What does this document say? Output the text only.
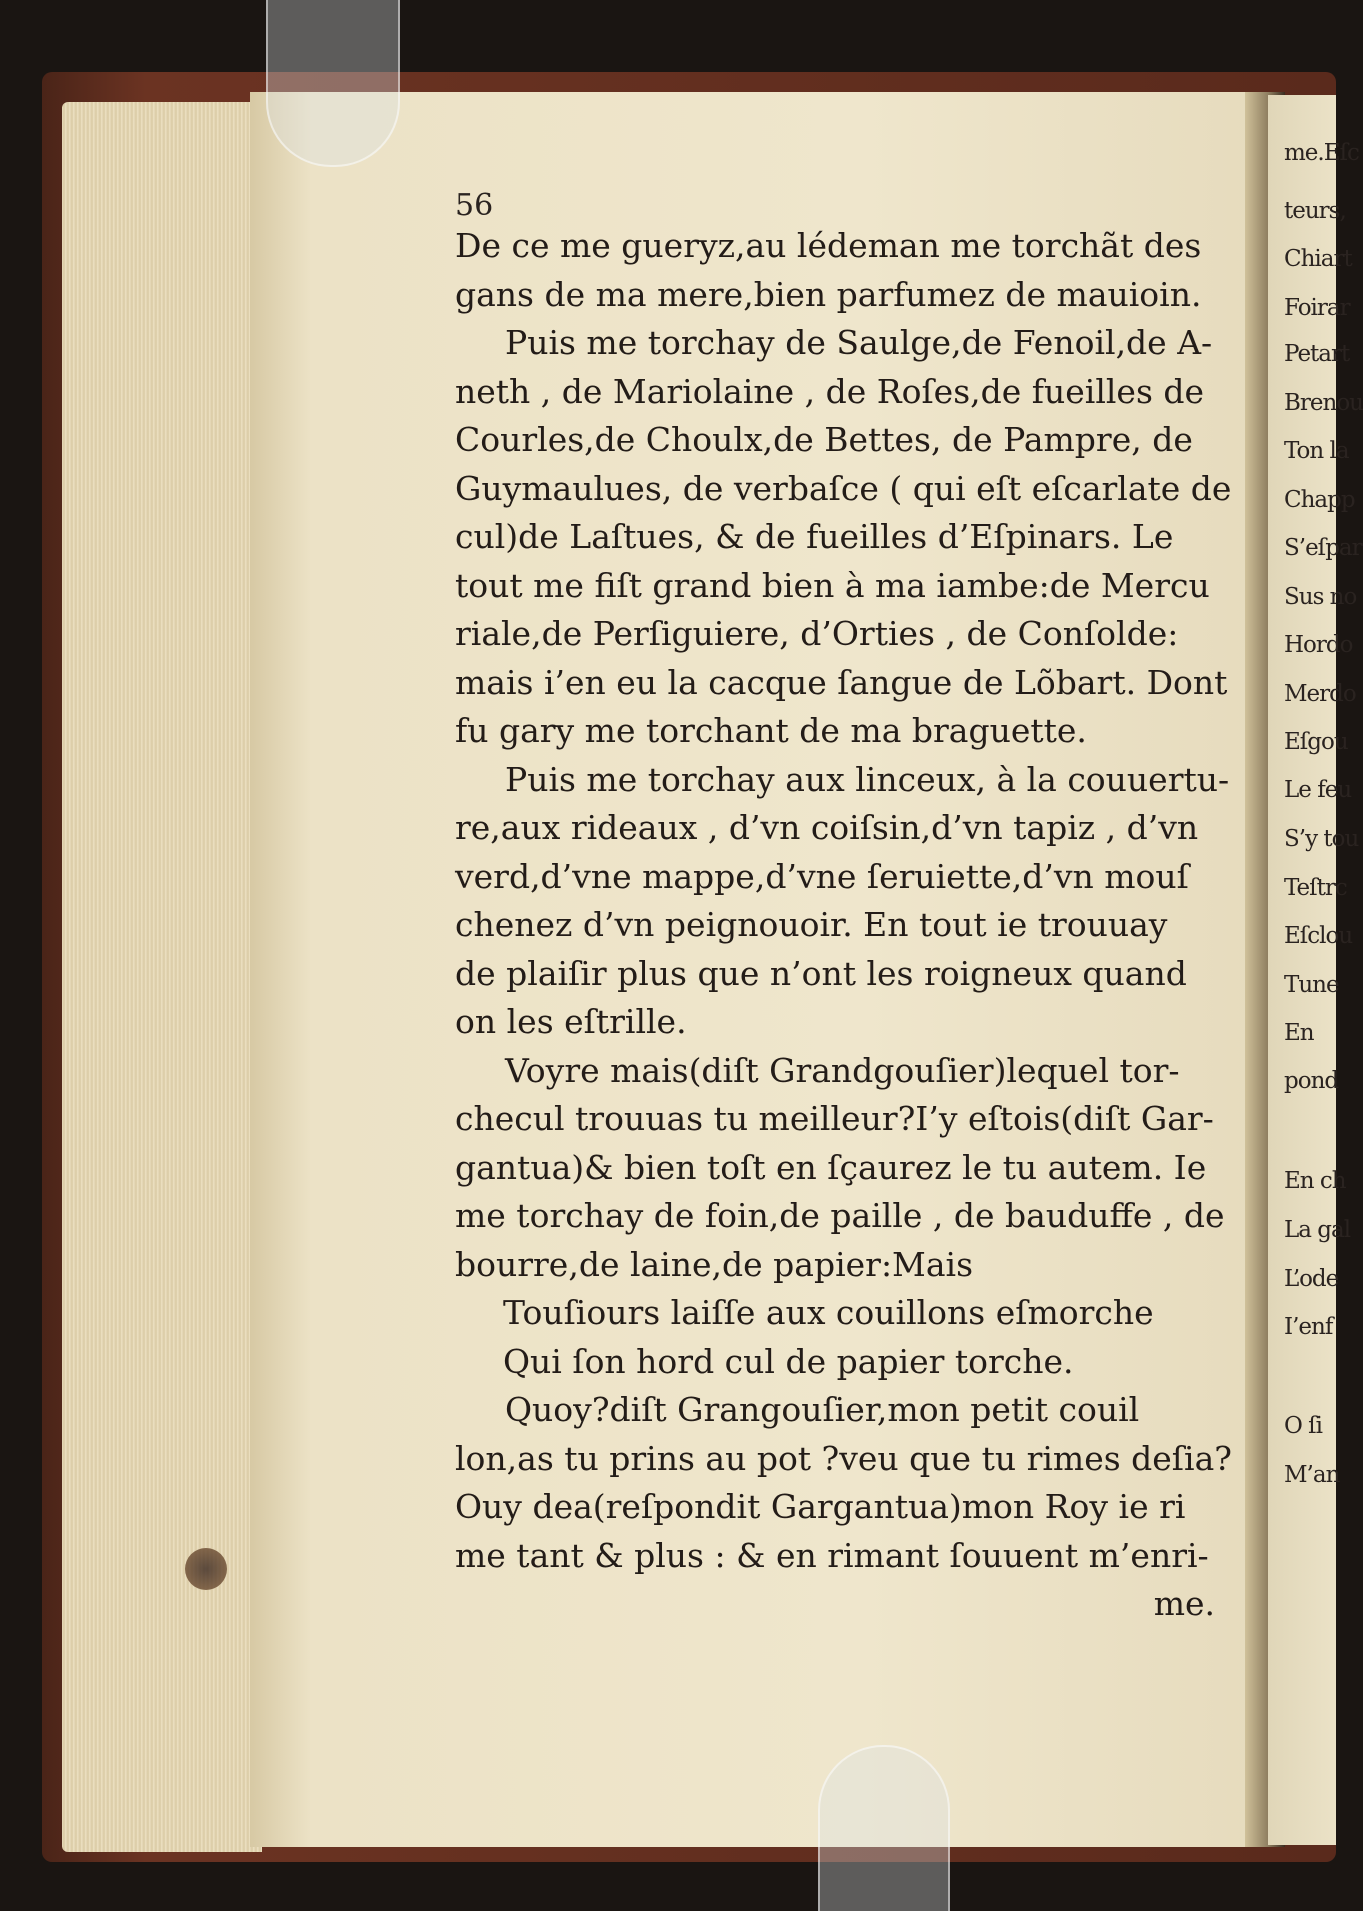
me.Eſc
teurs,
Chiart
Foirar
Petart
Brenou
Ton la
Chapp
S’eſpar
Sus no
Hordo
Merdo
Eſgou
Le feu
S’y tou
Teſtrc
Eſclou
Tune
En
pond
En ch
La gal
L’ode
I’enf
O ſi
M’an
56
De ce me gueryz,au lédeman me torchãt des
gans de ma mere,bien parfumez de mauioin.
Puis me torchay de Saulge,de Fenoil,de A-
neth , de Mariolaine , de Roſes,de fueilles de
Courles,de Choulx,de Bettes, de Pampre, de
Guymaulues, de verbaſce ( qui eſt eſcarlate de
cul)de Laſtues, & de fueilles d’Eſpinars. Le
tout me fiſt grand bien à ma iambe:de Mercu
riale,de Perſiguiere, d’Orties , de Conſolde:
mais i’en eu la cacque ſangue de Lõbart. Dont
fu gary me torchant de ma braguette.
Puis me torchay aux linceux, à la couuertu-
re,aux rideaux , d’vn coiſsin,d’vn tapiz , d’vn
verd,d’vne mappe,d’vne ſeruiette,d’vn mouſ
chenez d’vn peignouoir. En tout ie trouuay
de plaiſir plus que n’ont les roigneux quand
on les eſtrille.
Voyre mais(diſt Grandgouſier)lequel tor-
checul trouuas tu meilleur?I’y eſtois(diſt Gar-
gantua)& bien toſt en ſçaurez le tu autem. Ie
me torchay de foin,de paille , de bauduffe , de
bourre,de laine,de papier:Mais
Touſiours laiſſe aux couillons eſmorche
Qui ſon hord cul de papier torche.
Quoy?diſt Grangouſier,mon petit couil
lon,as tu prins au pot ?veu que tu rimes deſia?
Ouy dea(reſpondit Gargantua)mon Roy ie ri
me tant & plus : & en rimant ſouuent m’enri-
me.
